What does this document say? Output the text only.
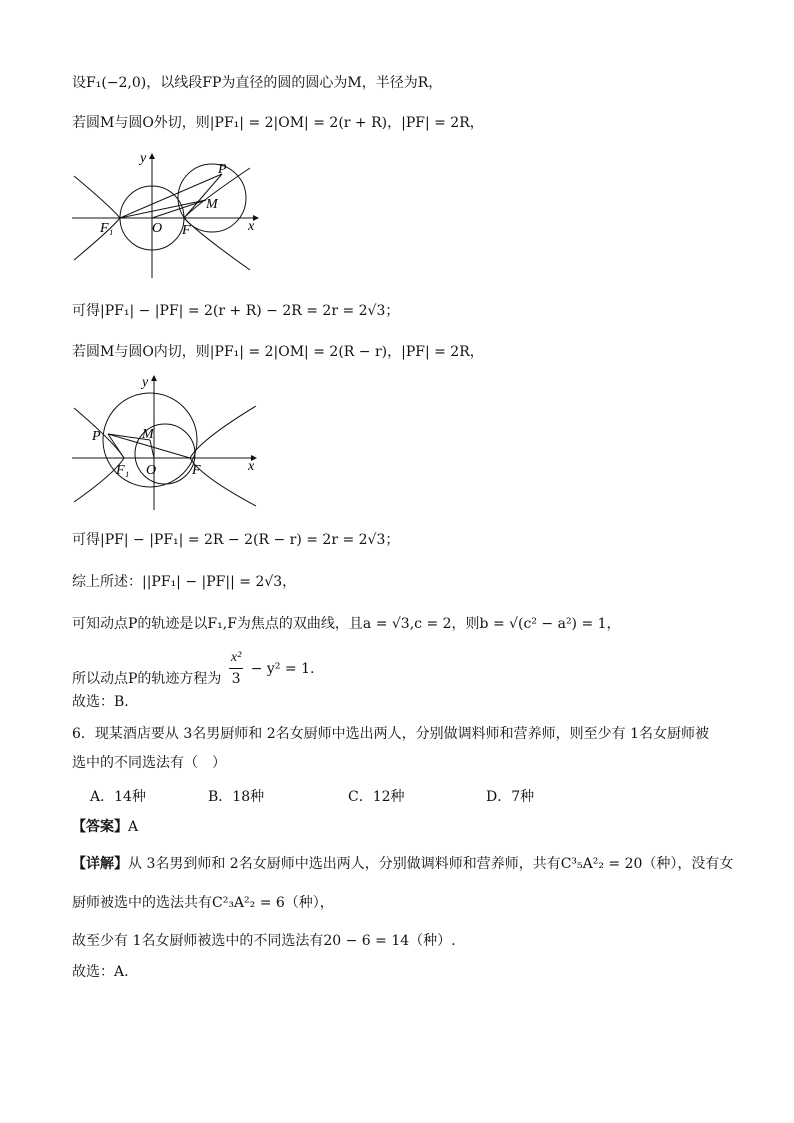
设F₁(−2,0)，以线段FP为直径的圆的圆心为M，半径为R，
若圆M与圆O外切，则|PF₁| = 2|OM| = 2(r + R)，|PF| = 2R，
y
x
P
M
F₁	O F
可得|PF₁| − |PF| = 2(r + R) − 2R = 2r = 2√3；
若圆M与圆O内切，则|PF₁| = 2|OM| = 2(R − r)，|PF| = 2R，
y
x
P	M
F₁ O	F
可得|PF| − |PF₁| = 2R − 2(R − r) = 2r = 2√3；
综上所述：||PF₁| − |PF|| = 2√3，
可知动点P的轨迹是以F₁,F为焦点的双曲线，且a = √3,c = 2，则b = √(c² − a²) = 1，
所以动点P的轨迹方程为 $\frac{\text{x²}}{3} - y^2 = 1$.
故选：B.
6．现某酒店要从 3名男厨师和 2名女厨师中选出两人，分别做调料师和营养师，则至少有 1名女厨师被
选中的不同选法有（　）
A．14种	B．18种	C．12种	D．7种
【答案】A
【详解】从 3名男到师和 2名女厨师中选出两人，分别做调料师和营养师，共有C³₅A²₂ = 20（种），没有女
厨师被选中的选法共有C²₃A²₂ = 6（种），
故至少有 1名女厨师被选中的不同选法有20 − 6 = 14（种）.
故选：A.
